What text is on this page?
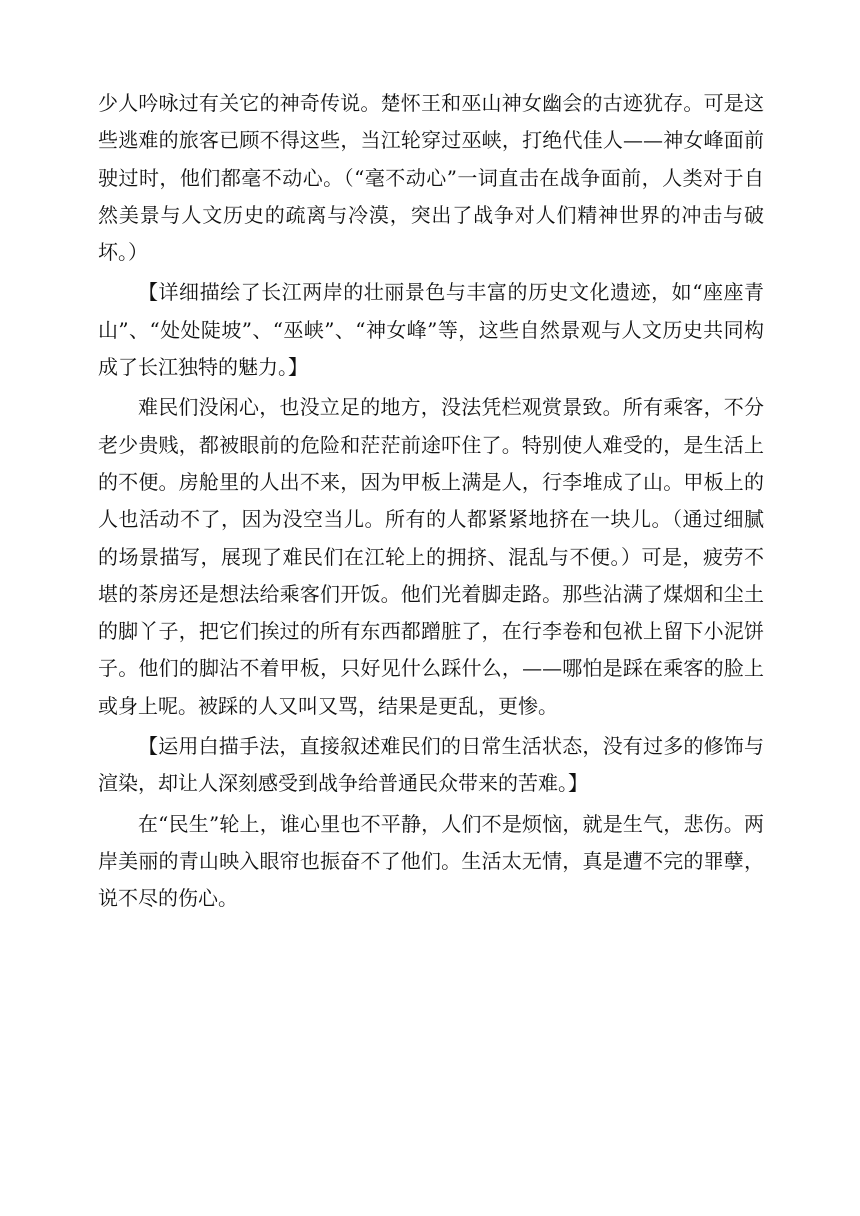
少人吟咏过有关它的神奇传说。楚怀王和巫山神女幽会的古迹犹存。可是这些逃难的旅客已顾不得这些，当江轮穿过巫峡，打绝代佳人——神女峰面前驶过时，他们都毫不动心。（“毫不动心”一词直击在战争面前，人类对于自然美景与人文历史的疏离与冷漠，突出了战争对人们精神世界的冲击与破坏。）

【详细描绘了长江两岸的壮丽景色与丰富的历史文化遗迹，如“座座青山”、“处处陡坡”、“巫峡”、“神女峰”等，这些自然景观与人文历史共同构成了长江独特的魅力。】

难民们没闲心，也没立足的地方，没法凭栏观赏景致。所有乘客，不分老少贵贱，都被眼前的危险和茫茫前途吓住了。特别使人难受的，是生活上的不便。房舱里的人出不来，因为甲板上满是人，行李堆成了山。甲板上的人也活动不了，因为没空当儿。所有的人都紧紧地挤在一块儿。（通过细腻的场景描写，展现了难民们在江轮上的拥挤、混乱与不便。）可是，疲劳不堪的茶房还是想法给乘客们开饭。他们光着脚走路。那些沾满了煤烟和尘土的脚丫子，把它们挨过的所有东西都蹭脏了，在行李卷和包袱上留下小泥饼子。他们的脚沾不着甲板，只好见什么踩什么，——哪怕是踩在乘客的脸上或身上呢。被踩的人又叫又骂，结果是更乱，更惨。

【运用白描手法，直接叙述难民们的日常生活状态，没有过多的修饰与渲染，却让人深刻感受到战争给普通民众带来的苦难。】

在“民生”轮上，谁心里也不平静，人们不是烦恼，就是生气，悲伤。两岸美丽的青山映入眼帘也振奋不了他们。生活太无情，真是遭不完的罪孽，说不尽的伤心。
